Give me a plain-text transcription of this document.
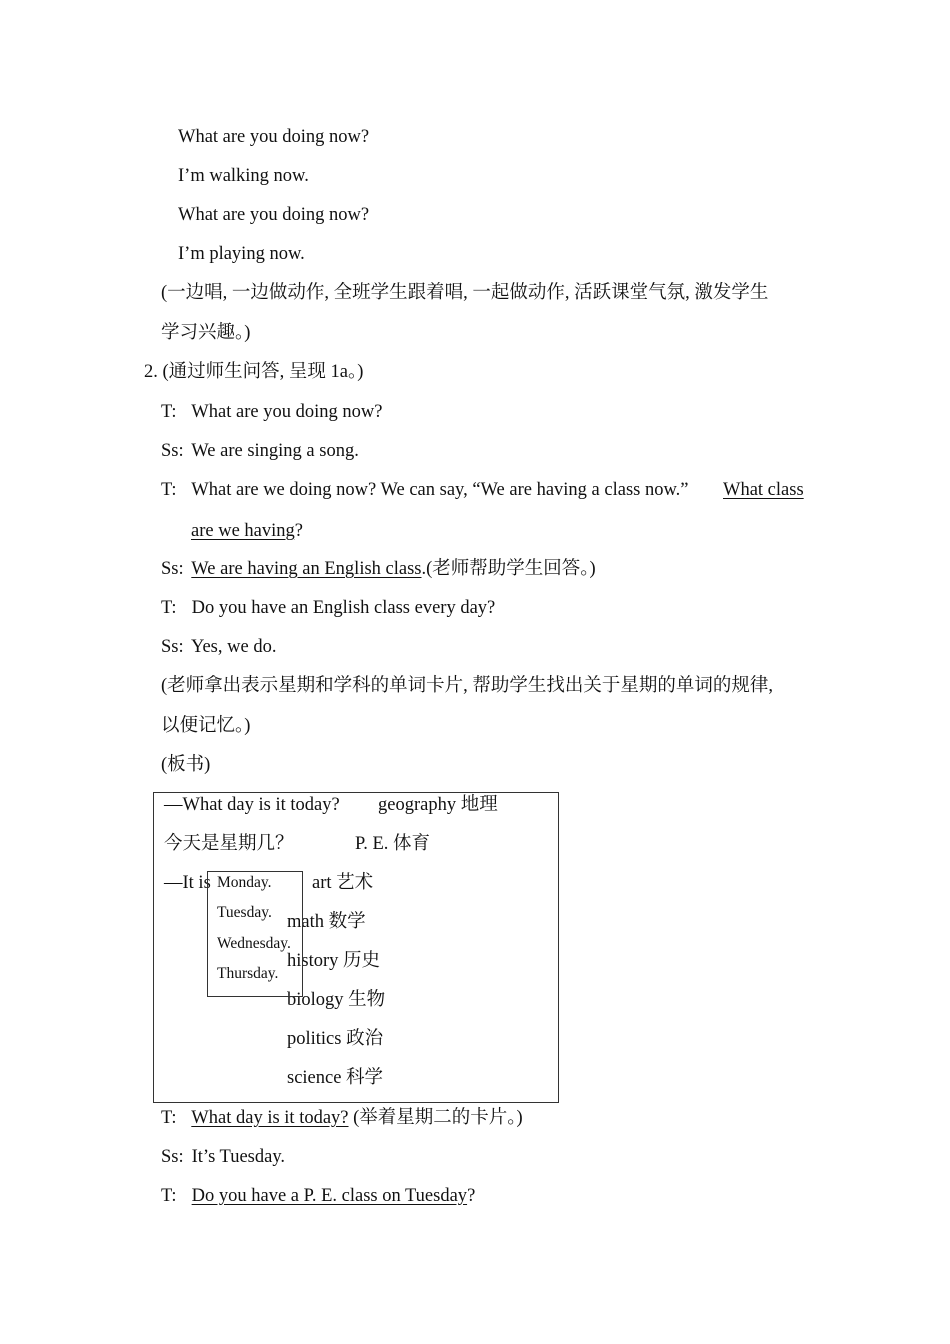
What are you doing now?
I’m walking now.
What are you doing now?
I’m playing now.
(一边唱, 一边做动作, 全班学生跟着唱, 一起做动作, 活跃课堂气氛, 激发学生
学习兴趣。)
2. (通过师生问答, 呈现 1a。)
T: What are you doing now?
Ss: We are singing a song.
T: What are we doing now? We can say, “We are having a class now.” What class
are we having?
Ss: We are having an English class.(老师帮助学生回答。)
T: Do you have an English class every day?
Ss: Yes, we do.
(老师拿出表示星期和学科的单词卡片, 帮助学生找出关于星期的单词的规律,
以便记忆。)
(板书)
—What day is it today?
今天是星期几？
—It is
geography 地理
P. E. 体育
art 艺术
math 数学
history 历史
biology 生物
politics 政治
science 科学
Monday.
Tuesday.
Wednesday.
Thursday.
T: What day is it today? (举着星期二的卡片。)
Ss: It’s Tuesday.
T: Do you have a P. E. class on Tuesday?
